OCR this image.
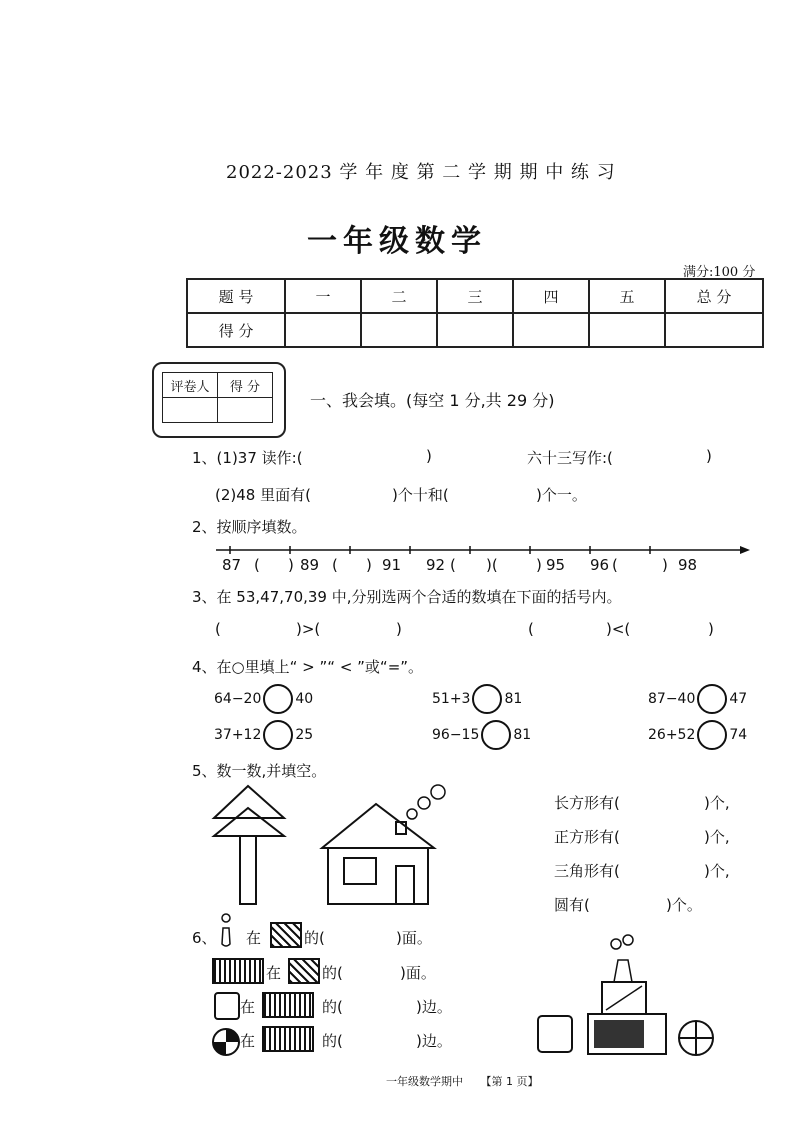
2022-2023 学 年 度 第 二 学 期 期 中 练 习
一年级数学
满分:100 分
题 号	一	二	三	四	五	总 分
得 分						
评卷人	得 分

一、我会填。(每空 1 分,共 29 分)
1、(1)37 读作:(	)	六十三写作:(	)
(2)48 里面有(	)个十和(	)个一。
2、按顺序填数。
87 ( ) 89 ( ) 91 92 ( )(	) 95 96 (	) 98
3、在 53,47,70,39 中,分别选两个合适的数填在下面的括号内。
(	)>(	)	(	)<(	)
4、在○里填上“ > ”“ < ”或“=”。
64−20 40	51+3 81	87−40 47
37+12 25	96−15 81	26+52 74
5、数一数,并填空。
长方形有(	)个,
正方形有(	)个,
三角形有(	)个,
圆有(	)个。
6、 在	的(	)面。
在	的(	)面。
在	的(	)边。
在	的(	)边。
一年级数学期中 【第 1 页】
